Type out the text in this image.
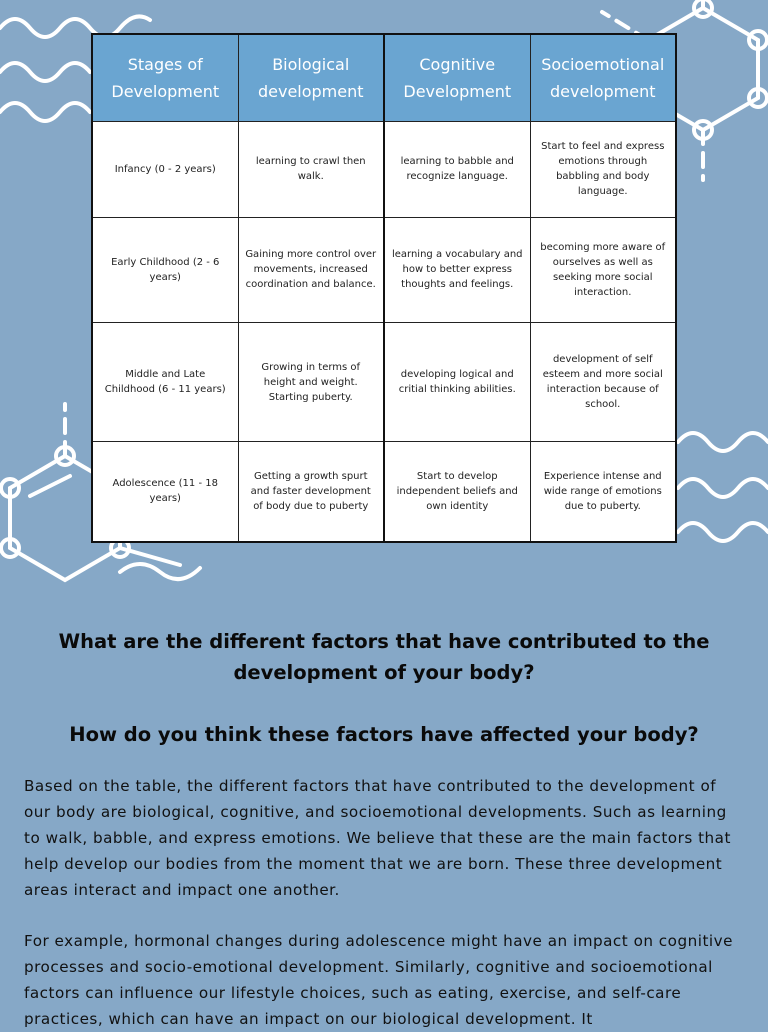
Stages of Development	Biological development	Cognitive Development	Socioemotional development
Infancy (0 - 2 years)	learning to crawl then walk.	learning to babble and recognize language.	Start to feel and express emotions through babbling and body language.
Early Childhood (2 - 6 years)	Gaining more control over movements, increased coordination and balance.	learning a vocabulary and how to better express thoughts and feelings.	becoming more aware of ourselves as well as seeking more social interaction.
Middle and Late Childhood (6 - 11 years)	Growing in terms of height and weight. Starting puberty.	developing logical and critial thinking abilities.	development of self esteem and more social interaction because of school.
Adolescence (11 - 18 years)	Getting a growth spurt and faster development of body due to puberty	Start to develop independent beliefs and own identity	Experience intense and wide range of emotions due to puberty.

What are the different factors that have contributed to the development of your body?

How do you think these factors have affected your body?

Based on the table, the different factors that have contributed to the development of our body are biological, cognitive, and socioemotional developments. Such as learning to walk, babble, and express emotions. We believe that these are the main factors that help develop our bodies from the moment that we are born. These three development areas interact and impact one another.

For example, hormonal changes during adolescence might have an impact on cognitive processes and socio-emotional development. Similarly, cognitive and socioemotional factors can influence our lifestyle choices, such as eating, exercise, and self-care practices, which can have an impact on our biological development. It
